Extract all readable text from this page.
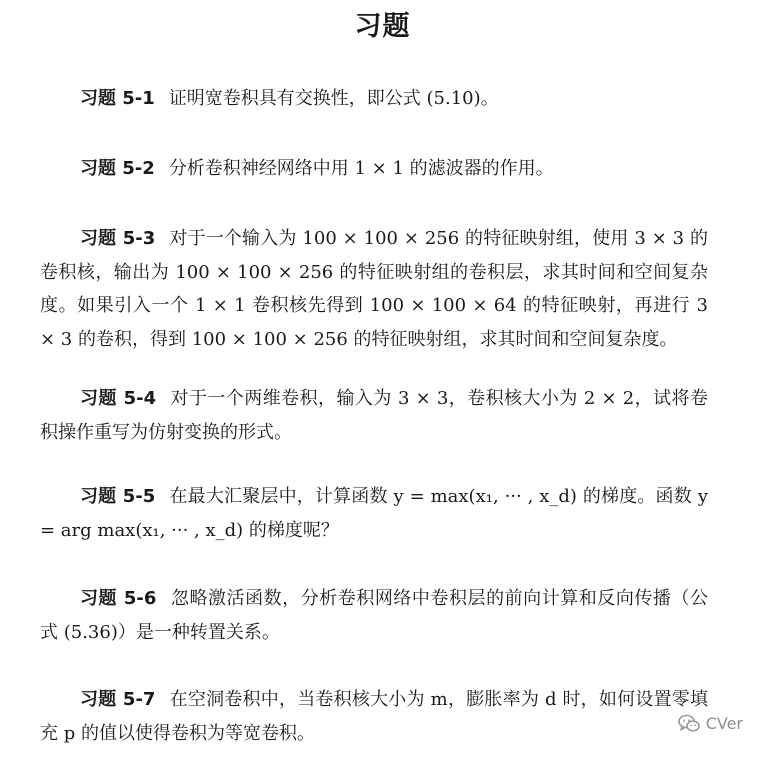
习题
习题 5-1 证明宽卷积具有交换性，即公式 (5.10)。
习题 5-2 分析卷积神经网络中用 1 × 1 的滤波器的作用。
习题 5-3 对于一个输入为 100 × 100 × 256 的特征映射组，使用 3 × 3 的卷积核，输出为 100 × 100 × 256 的特征映射组的卷积层，求其时间和空间复杂度。如果引入一个 1 × 1 卷积核先得到 100 × 100 × 64 的特征映射，再进行 3 × 3 的卷积，得到 100 × 100 × 256 的特征映射组，求其时间和空间复杂度。
习题 5-4 对于一个两维卷积，输入为 3 × 3，卷积核大小为 2 × 2，试将卷积操作重写为仿射变换的形式。
习题 5-5 在最大汇聚层中，计算函数 y = max(x₁, ··· , x_d) 的梯度。函数 y = arg max(x₁, ··· , x_d) 的梯度呢？
习题 5-6 忽略激活函数，分析卷积网络中卷积层的前向计算和反向传播（公式 (5.36)）是一种转置关系。
习题 5-7 在空洞卷积中，当卷积核大小为 m，膨胀率为 d 时，如何设置零填充 p 的值以使得卷积为等宽卷积。	CVer
